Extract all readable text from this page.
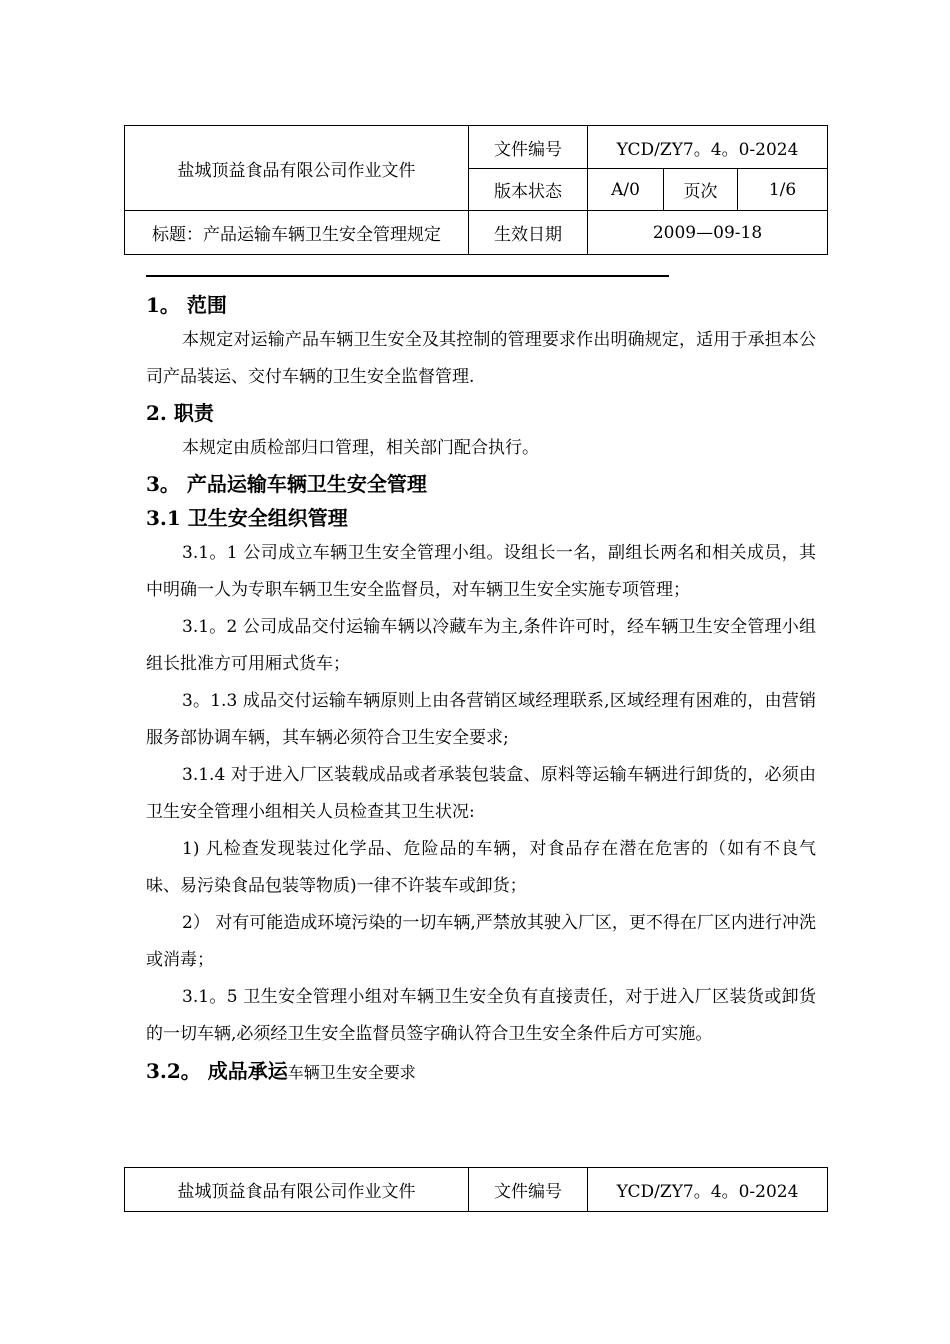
盐城顶益食品有限公司作业文件	文件编号	YCD/ZY7。4。0-2024		
	版本状态	A/0	页次	1/6
标题：产品运输车辆卫生安全管理规定	生效日期	2009—09-18		
1。 范围
本规定对运输产品车辆卫生安全及其控制的管理要求作出明确规定，适用于承担本公司产品装运、交付车辆的卫生安全监督管理.
2. 职责
本规定由质检部归口管理，相关部门配合执行。
3。 产品运输车辆卫生安全管理
3.1 卫生安全组织管理
3.1。1 公司成立车辆卫生安全管理小组。设组长一名，副组长两名和相关成员，其中明确一人为专职车辆卫生安全监督员，对车辆卫生安全实施专项管理；
3.1。2 公司成品交付运输车辆以冷藏车为主,条件许可时，经车辆卫生安全管理小组组长批准方可用厢式货车；
3。1.3 成品交付运输车辆原则上由各营销区域经理联系,区域经理有困难的，由营销服务部协调车辆，其车辆必须符合卫生安全要求;
3.1.4 对于进入厂区装载成品或者承装包装盒、原料等运输车辆进行卸货的，必须由卫生安全管理小组相关人员检查其卫生状况:
1) 凡检查发现装过化学品、危险品的车辆，对食品存在潜在危害的（如有不良气味、易污染食品包装等物质)一律不许装车或卸货；
2） 对有可能造成环境污染的一切车辆,严禁放其驶入厂区，更不得在厂区内进行冲洗或消毒；
3.1。5 卫生安全管理小组对车辆卫生安全负有直接责任，对于进入厂区装货或卸货的一切车辆,必须经卫生安全监督员签字确认符合卫生安全条件后方可实施。
3.2。 成品承运车辆卫生安全要求
盐城顶益食品有限公司作业文件	文件编号	YCD/ZY7。4。0-2024
